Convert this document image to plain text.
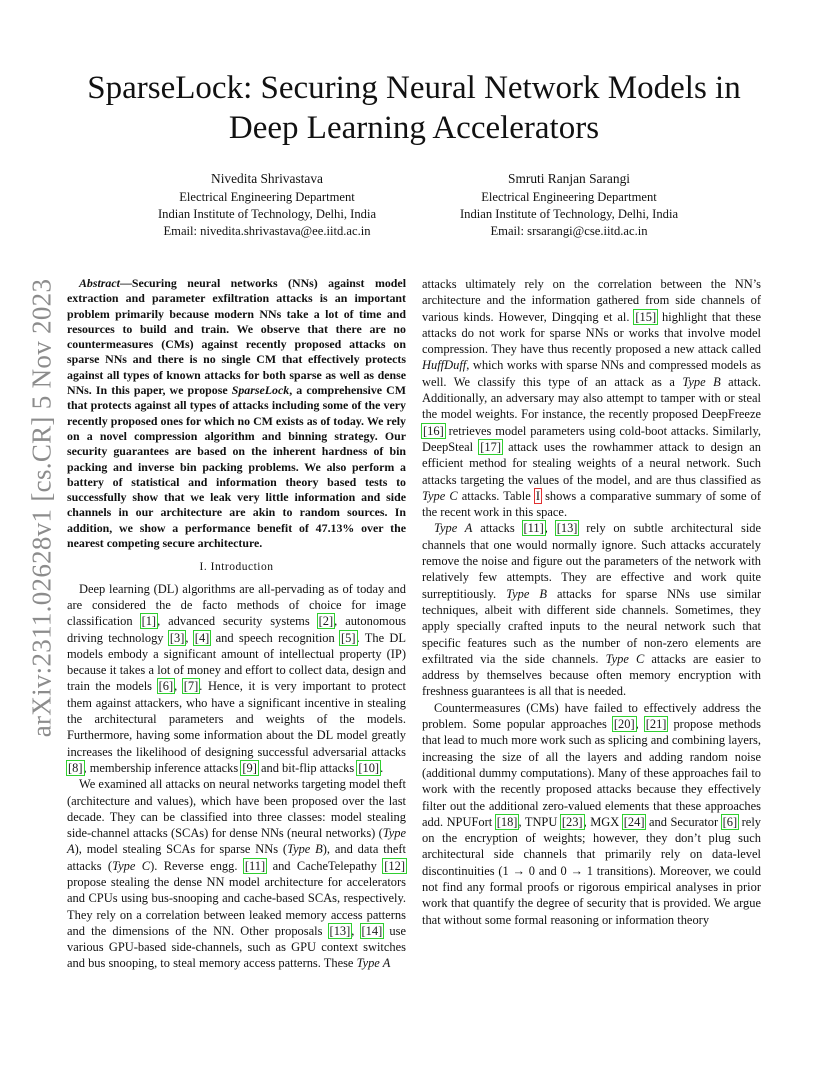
SparseLock: Securing Neural Network Models in Deep Learning Accelerators
Nivedita Shrivastava
Electrical Engineering Department
Indian Institute of Technology, Delhi, India
Email: nivedita.shrivastava@ee.iitd.ac.in
Smruti Ranjan Sarangi
Electrical Engineering Department
Indian Institute of Technology, Delhi, India
Email: srsarangi@cse.iitd.ac.in
arXiv:2311.02628v1 [cs.CR] 5 Nov 2023	Abstract—Securing neural networks (NNs) against model extraction and parameter exfiltration attacks is an important problem primarily because modern NNs take a lot of time and resources to build and train. We observe that there are no countermeasures (CMs) against recently proposed attacks on sparse NNs and there is no single CM that effectively protects against all types of known attacks for both sparse as well as dense NNs. In this paper, we propose SparseLock, a comprehensive CM that protects against all types of attacks including some of the very recently proposed ones for which no CM exists as of today. We rely on a novel compression algorithm and binning strategy. Our security guarantees are based on the inherent hardness of bin packing and inverse bin packing problems. We also perform a battery of statistical and information theory based tests to successfully show that we leak very little information and side channels in our architecture are akin to random sources. In addition, we show a performance benefit of 47.13% over the nearest competing secure architecture.

I. Introduction

Deep learning (DL) algorithms are all-pervading as of today and are considered the de facto methods of choice for image classification [1], advanced security systems [2], autonomous driving technology [3], [4] and speech recognition [5]. The DL models embody a significant amount of intellectual property (IP) because it takes a lot of money and effort to collect data, design and train the models [6], [7]. Hence, it is very important to protect them against attackers, who have a significant incentive in stealing the architectural parameters and weights of the models. Furthermore, having some information about the DL model greatly increases the likelihood of designing successful adversarial attacks [8], membership inference attacks [9] and bit-flip attacks [10].

We examined all attacks on neural networks targeting model theft (architecture and values), which have been proposed over the last decade. They can be classified into three classes: model stealing side-channel attacks (SCAs) for dense NNs (neural networks) (Type A), model stealing SCAs for sparse NNs (Type B), and data theft attacks (Type C). Reverse engg. [11] and CacheTelepathy [12] propose stealing the dense NN model architecture for accelerators and CPUs using bus-snooping and cache-based SCAs, respectively. They rely on a correlation between leaked memory access patterns and the dimensions of the NN. Other proposals [13], [14] use various GPU-based side-channels, such as GPU context switches and bus snooping, to steal memory access patterns. These Type A

attacks ultimately rely on the correlation between the NN’s architecture and the information gathered from side channels of various kinds. However, Dingqing et al. [15] highlight that these attacks do not work for sparse NNs or works that involve model compression. They have thus recently proposed a new attack called HuffDuff, which works with sparse NNs and compressed models as well. We classify this type of an attack as a Type B attack. Additionally, an adversary may also attempt to tamper with or steal the model weights. For instance, the recently proposed DeepFreeze [16] retrieves model parameters using cold-boot attacks. Similarly, DeepSteal [17] attack uses the rowhammer attack to design an efficient method for stealing weights of a neural network. Such attacks targeting the values of the model, and are thus classified as Type C attacks. Table I shows a comparative summary of some of the recent work in this space.

Type A attacks [11], [13] rely on subtle architectural side channels that one would normally ignore. Such attacks accurately remove the noise and figure out the parameters of the network with relatively few attempts. They are effective and work quite surreptitiously. Type B attacks for sparse NNs use similar techniques, albeit with different side channels. Sometimes, they apply specially crafted inputs to the neural network such that specific features such as the number of non-zero elements are exfiltrated via the side channels. Type C attacks are easier to address by themselves because often memory encryption with freshness guarantees is all that is needed.

Countermeasures (CMs) have failed to effectively address the problem. Some popular approaches [20], [21] propose methods that lead to much more work such as splicing and combining layers, increasing the size of all the layers and adding random noise (additional dummy computations). Many of these approaches fail to work with the recently proposed attacks because they effectively filter out the additional zero-valued elements that these approaches add. NPUFort [18], TNPU [23], MGX [24] and Securator [6] rely on the encryption of weights; however, they don’t plug such architectural side channels that primarily rely on data-level discontinuities (1 → 0 and 0 → 1 transitions). Moreover, we could not find any formal proofs or rigorous empirical analyses in prior work that quantify the degree of security that is provided. We argue that without some formal reasoning or information theory
